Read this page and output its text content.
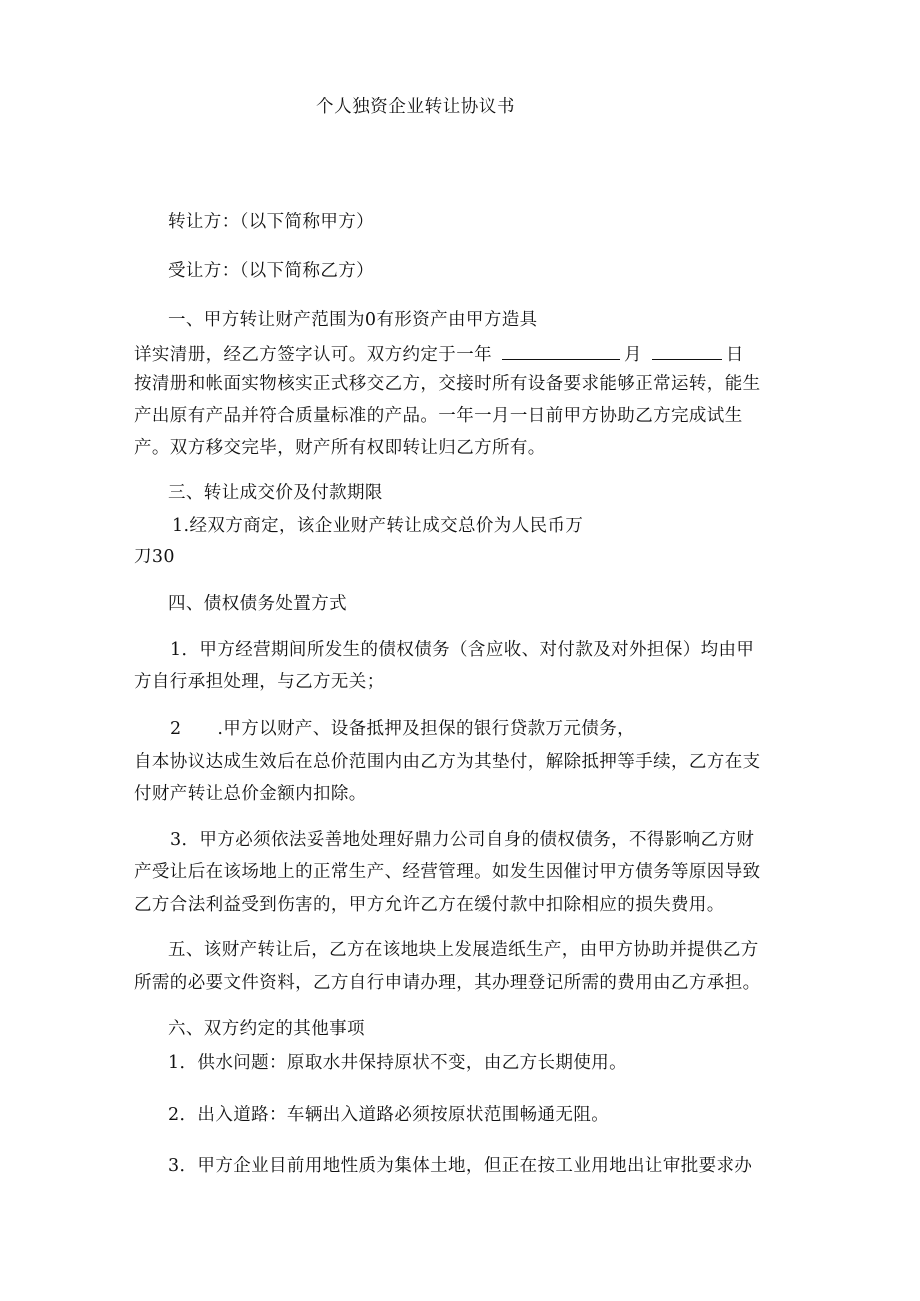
个人独资企业转让协议书
转让方：（以下简称甲方）
受让方：（以下简称乙方）
一、甲方转让财产范围为0有形资产由甲方造具
详实清册，经乙方签字认可。双方约定于一年	月	日
按清册和帐面实物核实正式移交乙方，交接时所有设备要求能够正常运转，能生
产出原有产品并符合质量标准的产品。一年一月一日前甲方协助乙方完成试生
产。双方移交完毕，财产所有权即转让归乙方所有。
三、转让成交价及付款期限
1.经双方商定，该企业财产转让成交总价为人民币万
刀30
四、债权债务处置方式
1．甲方经营期间所发生的债权债务（含应收、对付款及对外担保）均由甲
方自行承担处理，与乙方无关；
2　　.甲方以财产、设备抵押及担保的银行贷款万元债务，
自本协议达成生效后在总价范围内由乙方为其垫付，解除抵押等手续，乙方在支
付财产转让总价金额内扣除。
3．甲方必须依法妥善地处理好鼎力公司自身的债权债务，不得影响乙方财
产受让后在该场地上的正常生产、经营管理。如发生因催讨甲方债务等原因导致
乙方合法利益受到伤害的，甲方允许乙方在缓付款中扣除相应的损失费用。
五、该财产转让后，乙方在该地块上发展造纸生产，由甲方协助并提供乙方
所需的必要文件资料，乙方自行申请办理，其办理登记所需的费用由乙方承担。
六、双方约定的其他事项
1．供水问题：原取水井保持原状不变，由乙方长期使用。
2．出入道路：车辆出入道路必须按原状范围畅通无阻。
3．甲方企业目前用地性质为集体土地，但正在按工业用地出让审批要求办
